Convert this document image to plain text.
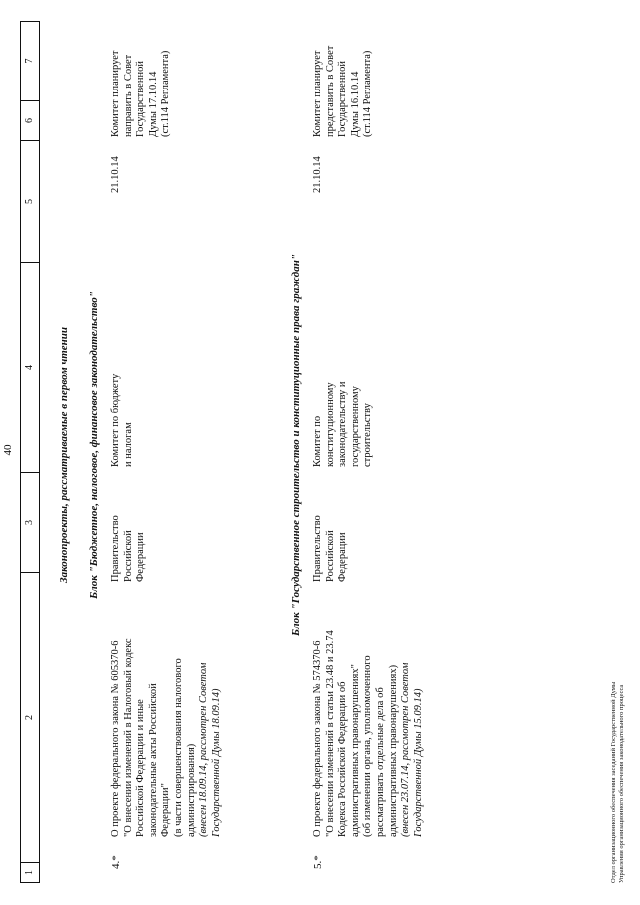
40
1
2
3
4
5
6
7
Законопроекты, рассматриваемые в первом чтении Блок "Бюджетное, налоговое, финансовое законодательство"
4.*
О проекте федерального закона № 605370-6 "О внесении изменений в Налоговый кодекс Российской Федерации и иные законодательные акты Российской Федерации" (в части совершенствования налогового администрирования) (внесен 18.09.14, рассмотрен Советом Государственной Думы 18.09.14)
Правительство Российской Федерации
Комитет по бюджету и налогам
21.10.14
Комитет планирует направить в Совет Государственной Думы 17.10.14 (ст.114 Регламента)
Блок "Государственное строительство и конституционные права граждан"
5.*
О проекте федерального закона № 574370-6 "О внесении изменений в статьи 23.48 и 23.74 Кодекса Российской Федерации об административных правонарушениях" (об изменении органа, уполномоченного рассматривать отдельные дела об административных правонарушениях) (внесен 23.07.14, рассмотрен Советом Государственной Думы 15.09.14)
Правительство Российской Федерации
Комитет по конституционному законодательству и государственному строительству
21.10.14
Комитет планирует представить в Совет Государственной Думы 16.10.14 (ст.114 Регламента)
Отдел организационного обеспечения заседаний Государственной Думы Управления организационного обеспечения законодательного процесса
